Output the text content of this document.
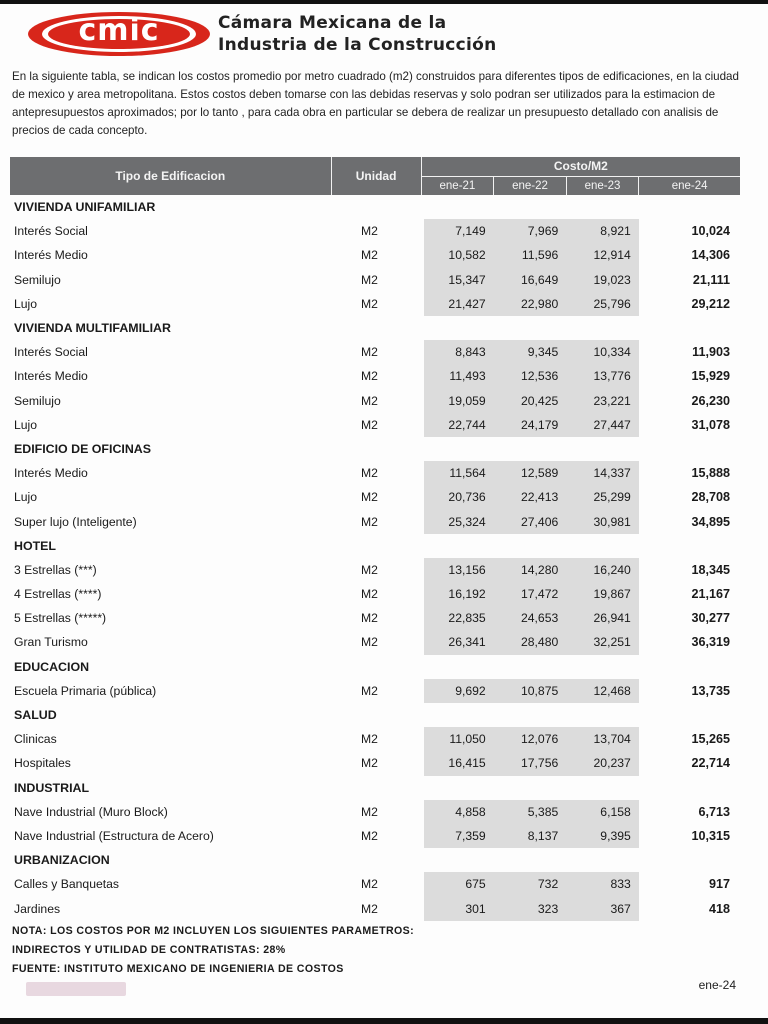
cmic	Cámara Mexicana de la
Industria de la Construcción

En la siguiente tabla, se indican los costos promedio por metro cuadrado (m2) construidos para diferentes tipos de edificaciones, en la ciudad de mexico y area metropolitana. Estos costos deben tomarse con las debidas reservas y solo podran ser utilizados para la estimacion de antepresupuestos aproximados; por lo tanto , para cada obra en particular se debera de realizar un presupuesto detallado con analisis de precios de cada concepto.

Tipo de Edificacion	Unidad	Costo/M2			
		ene-21	ene-22	ene-23	ene-24
VIVIENDA UNIFAMILIAR					
Interés Social	M2	7,149	7,969	8,921	10,024
Interés Medio	M2	10,582	11,596	12,914	14,306
Semilujo	M2	15,347	16,649	19,023	21,111
Lujo	M2	21,427	22,980	25,796	29,212
VIVIENDA MULTIFAMILIAR					
Interés Social	M2	8,843	9,345	10,334	11,903
Interés Medio	M2	11,493	12,536	13,776	15,929
Semilujo	M2	19,059	20,425	23,221	26,230
Lujo	M2	22,744	24,179	27,447	31,078
EDIFICIO DE OFICINAS					
Interés Medio	M2	11,564	12,589	14,337	15,888
Lujo	M2	20,736	22,413	25,299	28,708
Super lujo (Inteligente)	M2	25,324	27,406	30,981	34,895
HOTEL					
3 Estrellas (***)	M2	13,156	14,280	16,240	18,345
4 Estrellas (****)	M2	16,192	17,472	19,867	21,167
5 Estrellas (*****)	M2	22,835	24,653	26,941	30,277
Gran Turismo	M2	26,341	28,480	32,251	36,319
EDUCACION					
Escuela Primaria (pública)	M2	9,692	10,875	12,468	13,735
SALUD					
Clinicas	M2	11,050	12,076	13,704	15,265
Hospitales	M2	16,415	17,756	20,237	22,714
INDUSTRIAL					
Nave Industrial (Muro Block)	M2	4,858	5,385	6,158	6,713
Nave Industrial (Estructura de Acero)	M2	7,359	8,137	9,395	10,315
URBANIZACION					
Calles y Banquetas	M2	675	732	833	917
Jardines	M2	301	323	367	418
NOTA: LOS COSTOS POR M2 INCLUYEN LOS SIGUIENTES PARAMETROS:
INDIRECTOS Y UTILIDAD DE CONTRATISTAS: 28%
FUENTE: INSTITUTO MEXICANO DE INGENIERIA DE COSTOS
ene-24
